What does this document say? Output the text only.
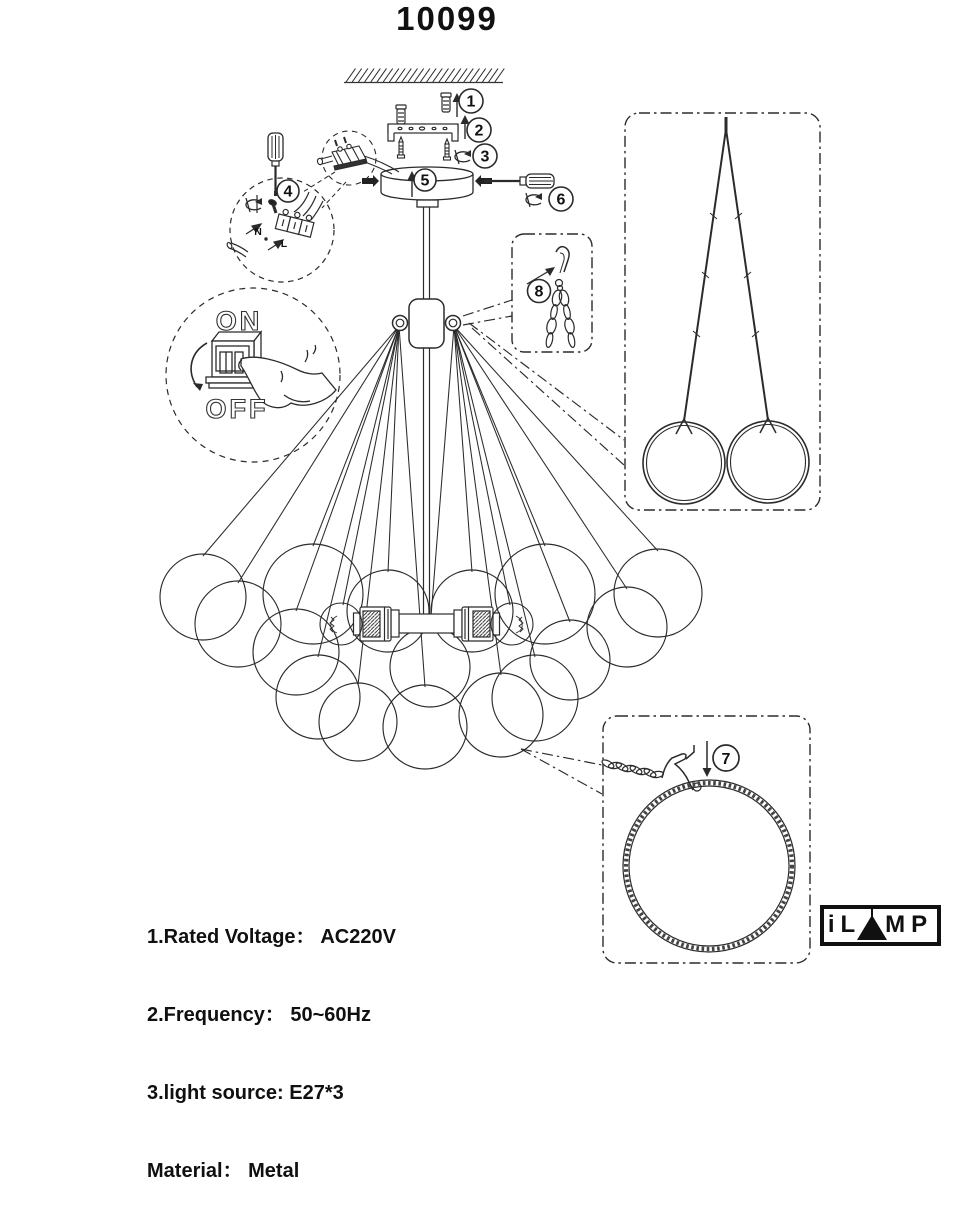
1
2
3
5
6
N
L
4
ON
OFF
8
7
10099

1.Rated Voltage： AC220V

2.Frequency： 50~60Hz

3.light source: E27*3

Material： Metal

iL MP
